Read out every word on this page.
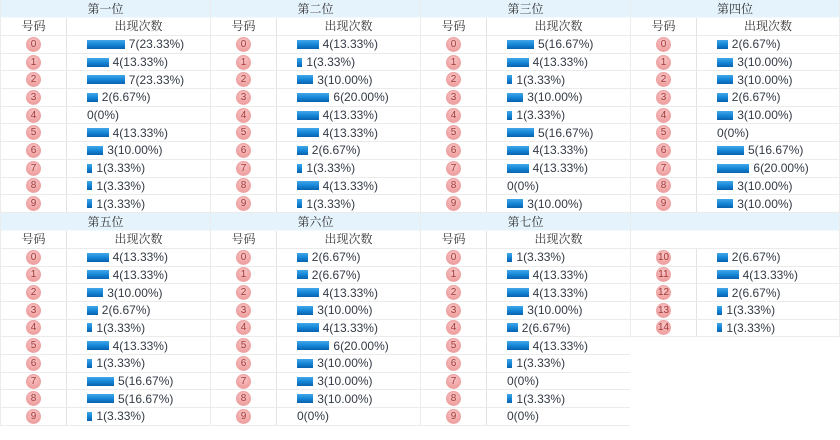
第一位
号码	出现次数
0	7(23.33%)
1	4(13.33%)
2	7(23.33%)
3	2(6.67%)
4	0(0%)
5	4(13.33%)
6	3(10.00%)
7	1(3.33%)
8	1(3.33%)
9	1(3.33%)
第二位
号码	出现次数
0	4(13.33%)
1	1(3.33%)
2	3(10.00%)
3	6(20.00%)
4	4(13.33%)
5	4(13.33%)
6	2(6.67%)
7	1(3.33%)
8	4(13.33%)
9	1(3.33%)
第三位
号码	出现次数
0	5(16.67%)
1	4(13.33%)
2	1(3.33%)
3	3(10.00%)
4	1(3.33%)
5	5(16.67%)
6	4(13.33%)
7	4(13.33%)
8	0(0%)
9	3(10.00%)
第四位
号码	出现次数
0	2(6.67%)
1	3(10.00%)
2	3(10.00%)
3	2(6.67%)
4	3(10.00%)
5	0(0%)
6	5(16.67%)
7	6(20.00%)
8	3(10.00%)
9	3(10.00%)
第五位
号码	出现次数
0	4(13.33%)
1	4(13.33%)
2	3(10.00%)
3	2(6.67%)
4	1(3.33%)
5	4(13.33%)
6	1(3.33%)
7	5(16.67%)
8	5(16.67%)
9	1(3.33%)
第六位
号码	出现次数
0	2(6.67%)
1	2(6.67%)
2	4(13.33%)
3	3(10.00%)
4	4(13.33%)
5	6(20.00%)
6	3(10.00%)
7	3(10.00%)
8	3(10.00%)
9	0(0%)
第七位
号码	出现次数
0	1(3.33%)
1	4(13.33%)
2	4(13.33%)
3	3(10.00%)
4	2(6.67%)
5	4(13.33%)
6	1(3.33%)
7	0(0%)
8	1(3.33%)
9	0(0%)
10	2(6.67%)
11	4(13.33%)
12	2(6.67%)
13	1(3.33%)
14	1(3.33%)
